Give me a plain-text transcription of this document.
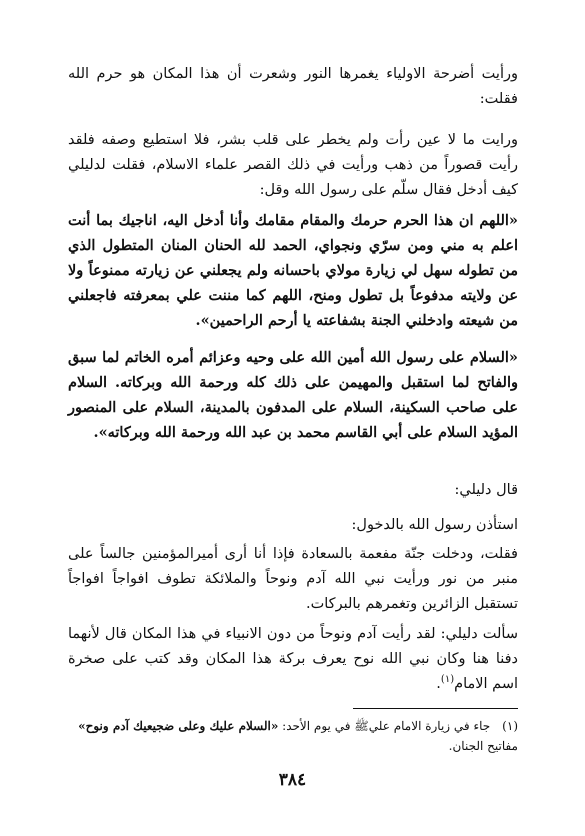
ورأيت أضرحة الاولياء يغمرها النور وشعرت أن هذا المكان هو حرم الله فقلت:

ورايت ما لا عين رأت ولم يخطر على قلب بشر، فلا استطيع وصفه فلقد رأيت قصوراً من ذهب ورأيت في ذلك القصر علماء الاسلام، فقلت لدليلي كيف أدخل فقال سلّم على رسول الله وقل:

«اللهم ان هذا الحرم حرمك والمقام مقامك وأنا أدخل اليه، اناجيك بما أنت اعلم به مني ومن سرّي ونجواي، الحمد لله الحنان المنان المتطول الذي من تطوله سهل لي زيارة مولاي باحسانه ولم يجعلني عن زيارته ممنوعاً ولا عن ولايته مدفوعاً بل تطول ومنح، اللهم كما مننت علي بمعرفته فاجعلني من شيعته وادخلني الجنة بشفاعته يا أرحم الراحمين».

«السلام على رسول الله أمين الله على وحيه وعزائم أمره الخاتم لما سبق والفاتح لما استقبل والمهيمن على ذلك كله ورحمة الله وبركاته. السلام على صاحب السكينة، السلام على المدفون بالمدينة، السلام على المنصور المؤيد السلام على أبي القاسم محمد بن عبد الله ورحمة الله وبركاته».

قال دليلي:

استأذن رسول الله بالدخول:

فقلت، ودخلت جنّة مفعمة بالسعادة فإذا أنا أرى أميرالمؤمنين جالساً على منبر من نور ورأيت نبي الله آدم ونوحاً والملائكة تطوف افواجاً افواجاً تستقبل الزائرين وتغمرهم بالبركات.

سألت دليلي: لقد رأيت آدم ونوحاً من دون الانبياء في هذا المكان قال لأنهما دفنا هنا وكان نبي الله نوح يعرف بركة هذا المكان وقد كتب على صخرة اسم الامام$^{(١)}$.

(١)جاء في زيارة الامام عليﷺ في يوم الأحد: «السلام عليك وعلى ضجيعيك آدم ونوح» مفاتيح الجنان.
٣٨٤
